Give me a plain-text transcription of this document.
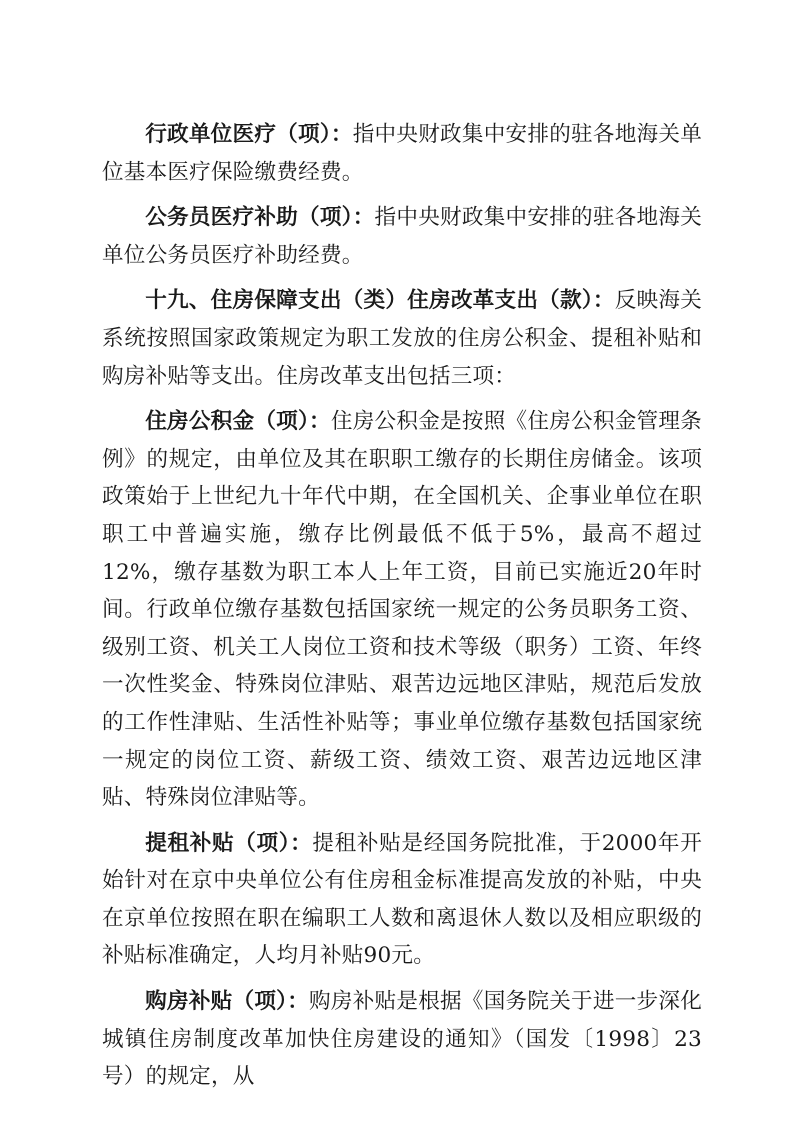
行政单位医疗（项）：指中央财政集中安排的驻各地海关单位基本医疗保险缴费经费。

公务员医疗补助（项）：指中央财政集中安排的驻各地海关单位公务员医疗补助经费。

十九、住房保障支出（类）住房改革支出（款）：反映海关系统按照国家政策规定为职工发放的住房公积金、提租补贴和购房补贴等支出。住房改革支出包括三项：

住房公积金（项）：住房公积金是按照《住房公积金管理条例》的规定，由单位及其在职职工缴存的长期住房储金。该项政策始于上世纪九十年代中期，在全国机关、企事业单位在职职工中普遍实施，缴存比例最低不低于5%，最高不超过12%，缴存基数为职工本人上年工资，目前已实施近20年时间。行政单位缴存基数包括国家统一规定的公务员职务工资、级别工资、机关工人岗位工资和技术等级（职务）工资、年终一次性奖金、特殊岗位津贴、艰苦边远地区津贴，规范后发放的工作性津贴、生活性补贴等；事业单位缴存基数包括国家统一规定的岗位工资、薪级工资、绩效工资、艰苦边远地区津贴、特殊岗位津贴等。

提租补贴（项）：提租补贴是经国务院批准，于2000年开始针对在京中央单位公有住房租金标准提高发放的补贴，中央在京单位按照在职在编职工人数和离退休人数以及相应职级的补贴标准确定，人均月补贴90元。

购房补贴（项）：购房补贴是根据《国务院关于进一步深化城镇住房制度改革加快住房建设的通知》（国发〔1998〕23号）的规定，从
